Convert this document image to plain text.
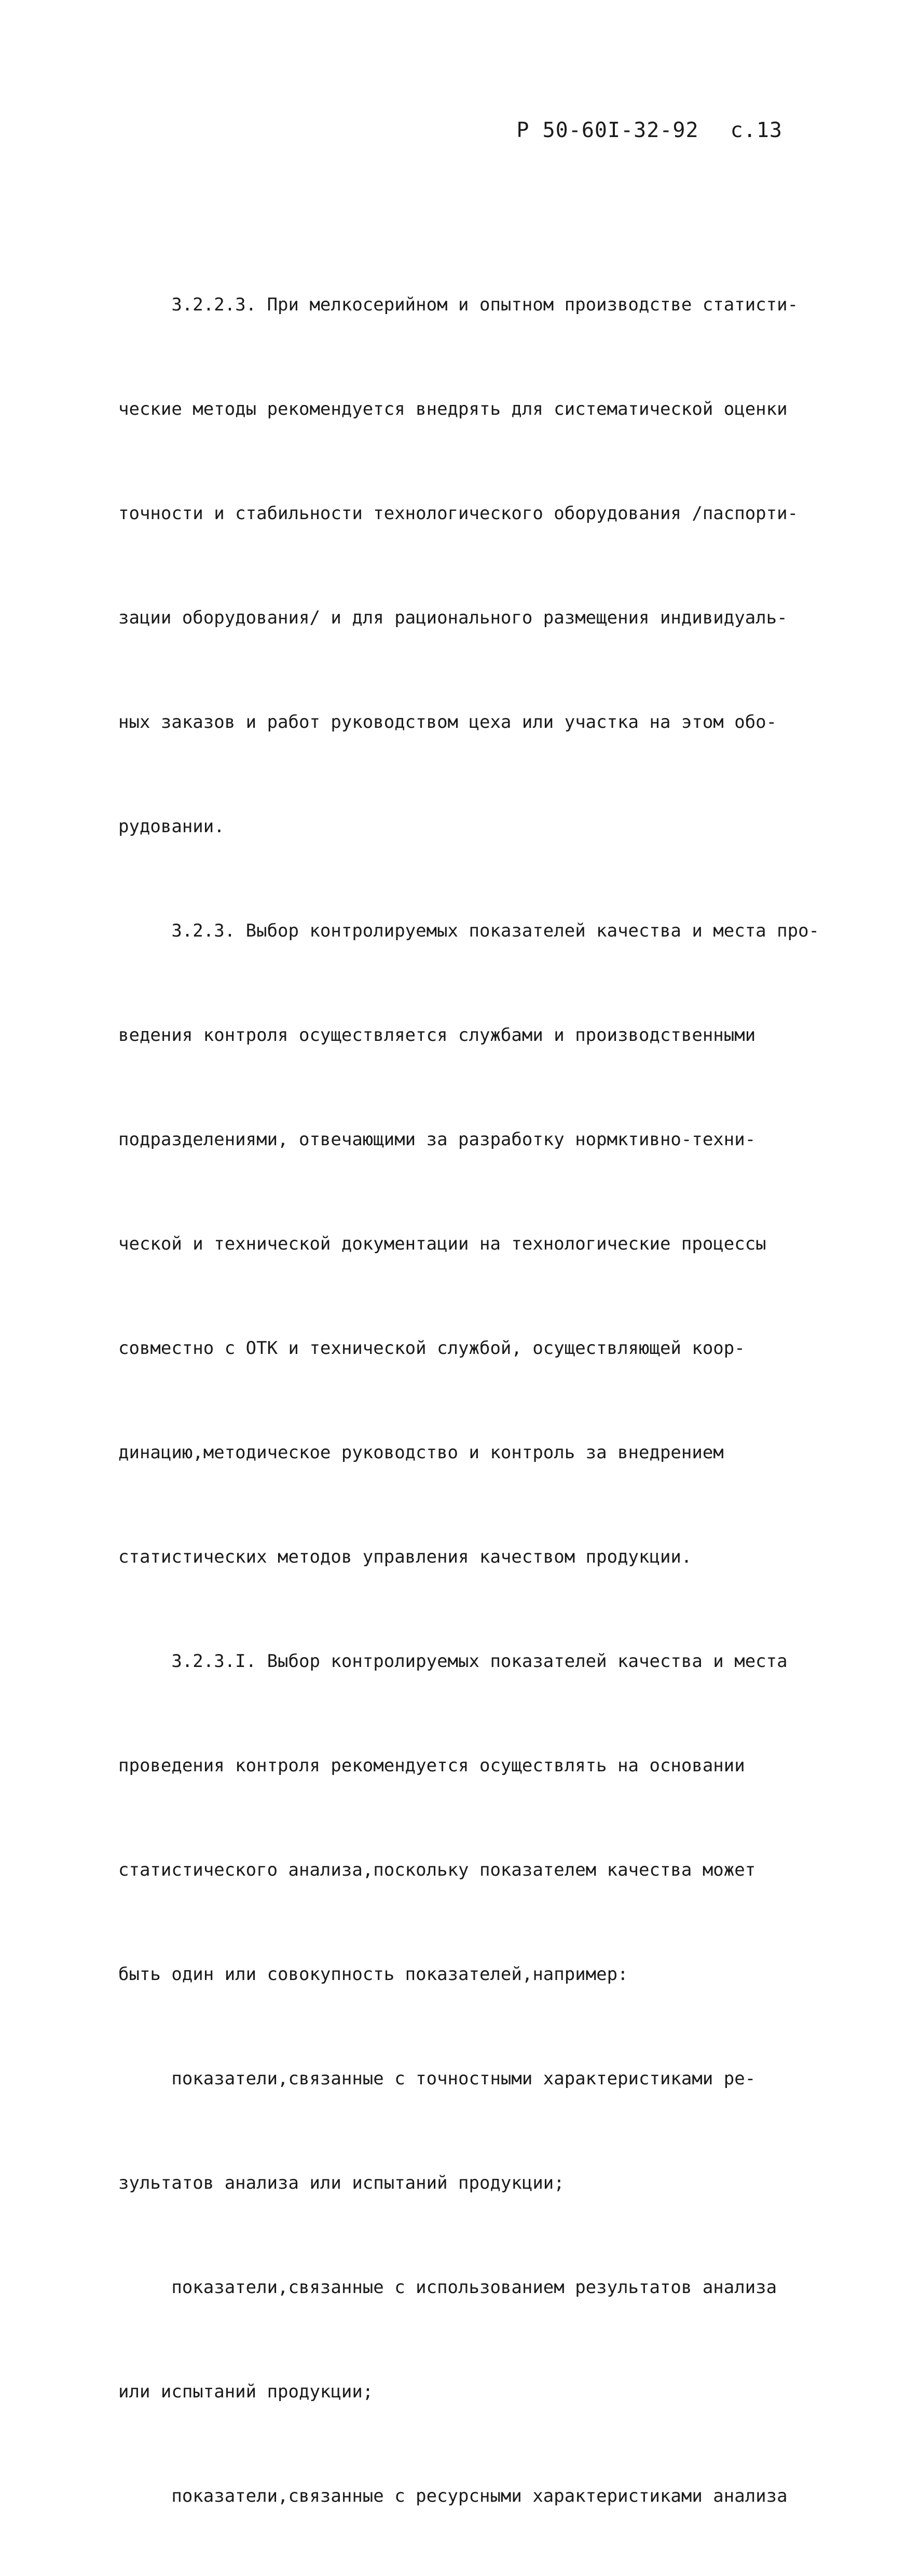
Р 50-60I-32-92 с.13

3.2.2.3. При мелкосерийном и опытном производстве статисти-

ческие методы рекомендуется внедрять для систематической оценки

точности и стабильности технологического оборудования /паспорти-

зации оборудования/ и для рационального размещения индивидуаль-

ных заказов и работ руководством цеха или участка на этом обо-

рудовании.

3.2.3. Выбор контролируемых показателей качества и места про-

ведения контроля осуществляется службами и производственными

подразделениями, отвечающими за разработку нормктивно-техни-

ческой и технической документации на технологические процессы

совместно с ОТК и технической службой, осуществляющей коор-

динацию,методическое руководство и контроль за внедрением

статистических методов управления качеством продукции.

3.2.3.I. Выбор контролируемых показателей качества и места

проведения контроля рекомендуется осуществлять на основании

статистического анализа,поскольку показателем качества может

быть один или совокупность показателей,например:

показатели,связанные с точностными характеристиками ре-

зультатов анализа или испытаний продукции;

показатели,связанные с использованием результатов анализа

или испытаний продукции;

показатели,связанные с ресурсными характеристиками анализа
